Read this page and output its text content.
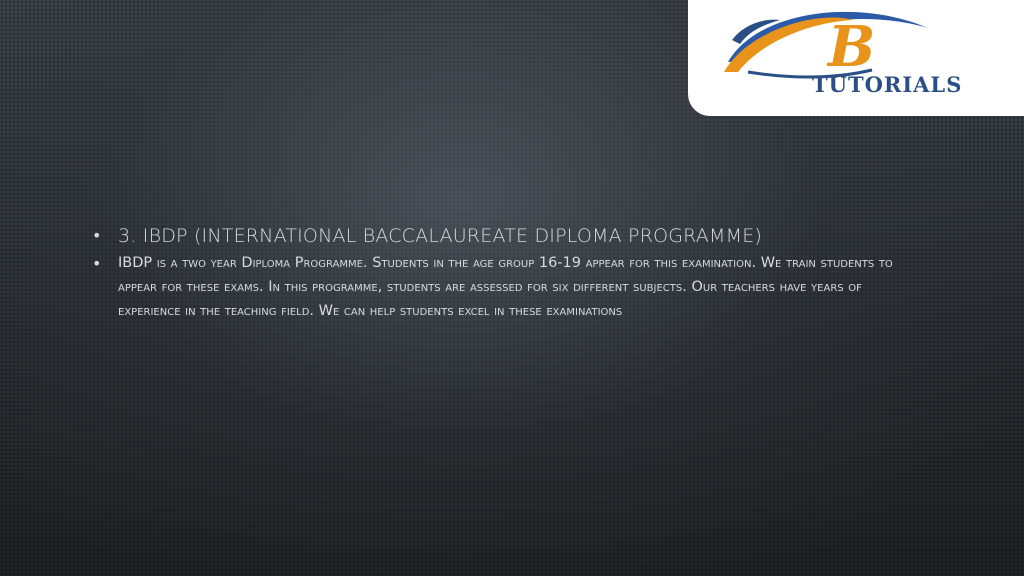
B
TUTORIALS
• 3. IBDP (INTERNATIONAL BACCALAUREATE DIPLOMA PROGRAMME)
•	IBDP is a two year Diploma Programme. Students in the age group 16-19 appear for this examination. We train students to appear for these exams. In this programme, students are assessed for six different subjects. Our teachers have years of experience in the teaching field. We can help students excel in these examinations
